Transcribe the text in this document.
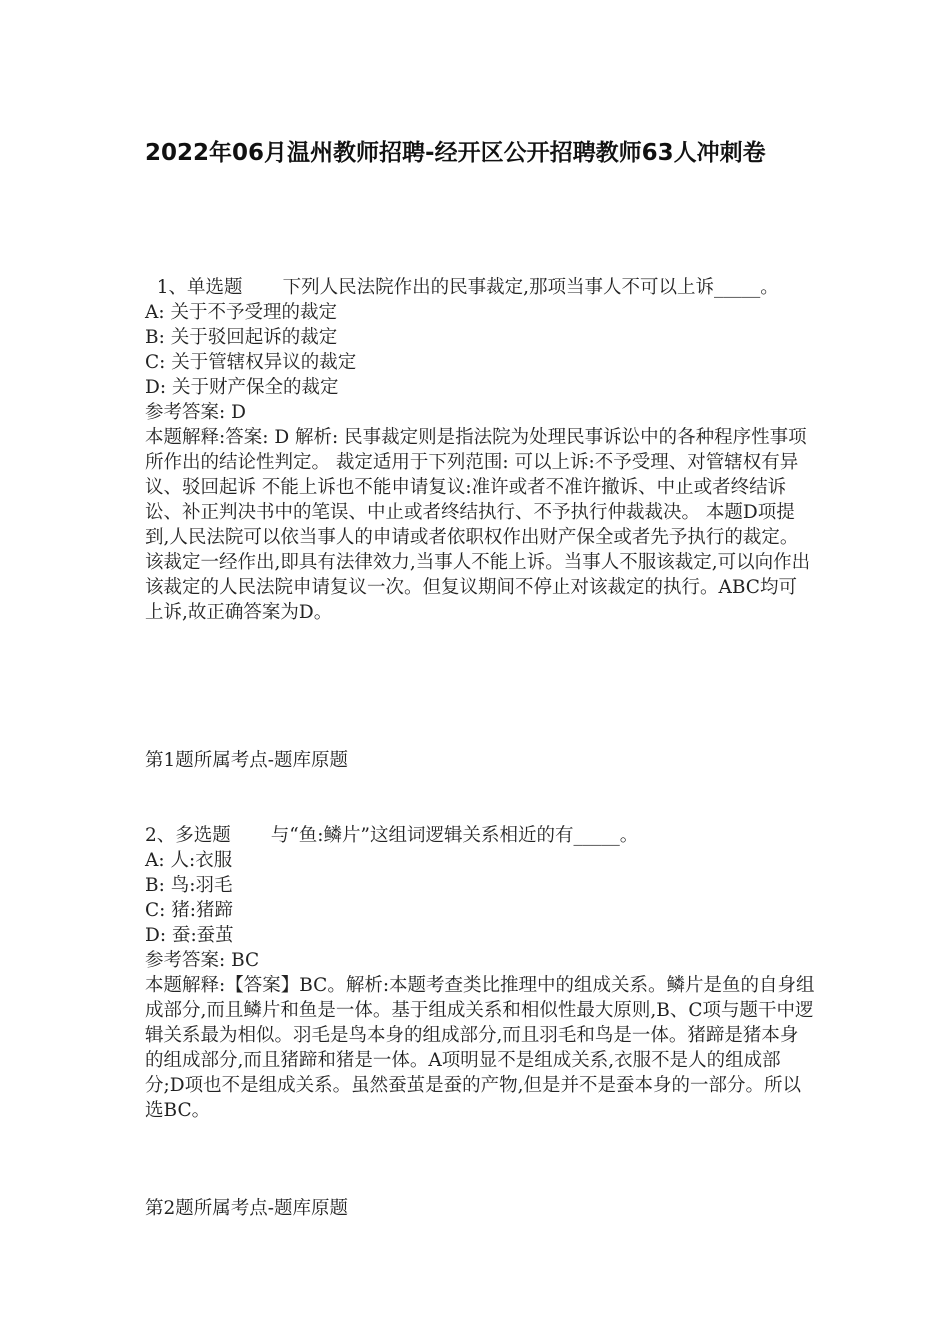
2022年06月温州教师招聘-经开区公开招聘教师63人冲刺卷
1、单选题 下列人民法院作出的民事裁定,那项当事人不可以上诉_____。
A: 关于不予受理的裁定
B: 关于驳回起诉的裁定
C: 关于管辖权异议的裁定
D: 关于财产保全的裁定
参考答案: D
本题解释:答案: D 解析: 民事裁定则是指法院为处理民事诉讼中的各种程序性事项所作出的结论性判定。 裁定适用于下列范围: 可以上诉:不予受理、对管辖权有异议、驳回起诉 不能上诉也不能申请复议:准许或者不准许撤诉、中止或者终结诉讼、补正判决书中的笔误、中止或者终结执行、不予执行仲裁裁决。 本题D项提到,人民法院可以依当事人的申请或者依职权作出财产保全或者先予执行的裁定。该裁定一经作出,即具有法律效力,当事人不能上诉。当事人不服该裁定,可以向作出该裁定的人民法院申请复议一次。但复议期间不停止对该裁定的执行。ABC均可上诉,故正确答案为D。
第1题所属考点-题库原题
2、多选题 与“鱼:鳞片”这组词逻辑关系相近的有_____。
A: 人:衣服
B: 鸟:羽毛
C: 猪:猪蹄
D: 蚕:蚕茧
参考答案: BC
本题解释:【答案】BC。解析:本题考查类比推理中的组成关系。鳞片是鱼的自身组成部分,而且鳞片和鱼是一体。基于组成关系和相似性最大原则,B、C项与题干中逻辑关系最为相似。羽毛是鸟本身的组成部分,而且羽毛和鸟是一体。猪蹄是猪本身的组成部分,而且猪蹄和猪是一体。A项明显不是组成关系,衣服不是人的组成部分;D项也不是组成关系。虽然蚕茧是蚕的产物,但是并不是蚕本身的一部分。所以选BC。
第2题所属考点-题库原题
